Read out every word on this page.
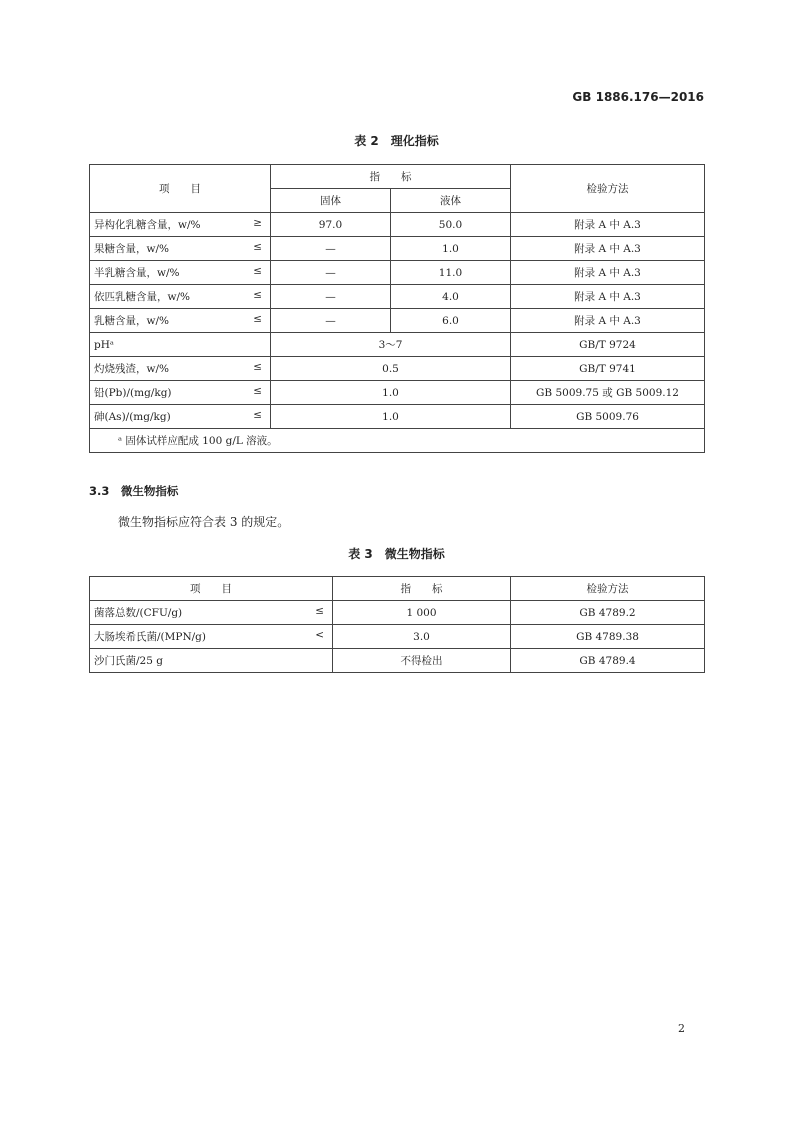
GB 1886.176—2016
表 2　理化指标
项　　目	指　　标		检验方法
	固体	液体	
异构化乳糖含量，w/% ≥	97.0	50.0	附录 A 中 A.3
果糖含量，w/% ≤	—	1.0	附录 A 中 A.3
半乳糖含量，w/% ≤	—	11.0	附录 A 中 A.3
依匹乳糖含量，w/% ≤	—	4.0	附录 A 中 A.3
乳糖含量，w/% ≤	—	6.0	附录 A 中 A.3
pHᵃ	3～7		GB/T 9724
灼烧残渣，w/% ≤	0.5		GB/T 9741
铅(Pb)/(mg/kg) ≤	1.0		GB 5009.75 或 GB 5009.12
砷(As)/(mg/kg) ≤	1.0		GB 5009.76
ᵃ 固体试样应配成 100 g/L 溶液。			
3.3　微生物指标
微生物指标应符合表 3 的规定。
表 3　微生物指标
项　　目	指　　标	检验方法
菌落总数/(CFU/g) ≤	1 000	GB 4789.2
大肠埃希氏菌/(MPN/g) <	3.0	GB 4789.38
沙门氏菌/25 g	不得检出	GB 4789.4
2
